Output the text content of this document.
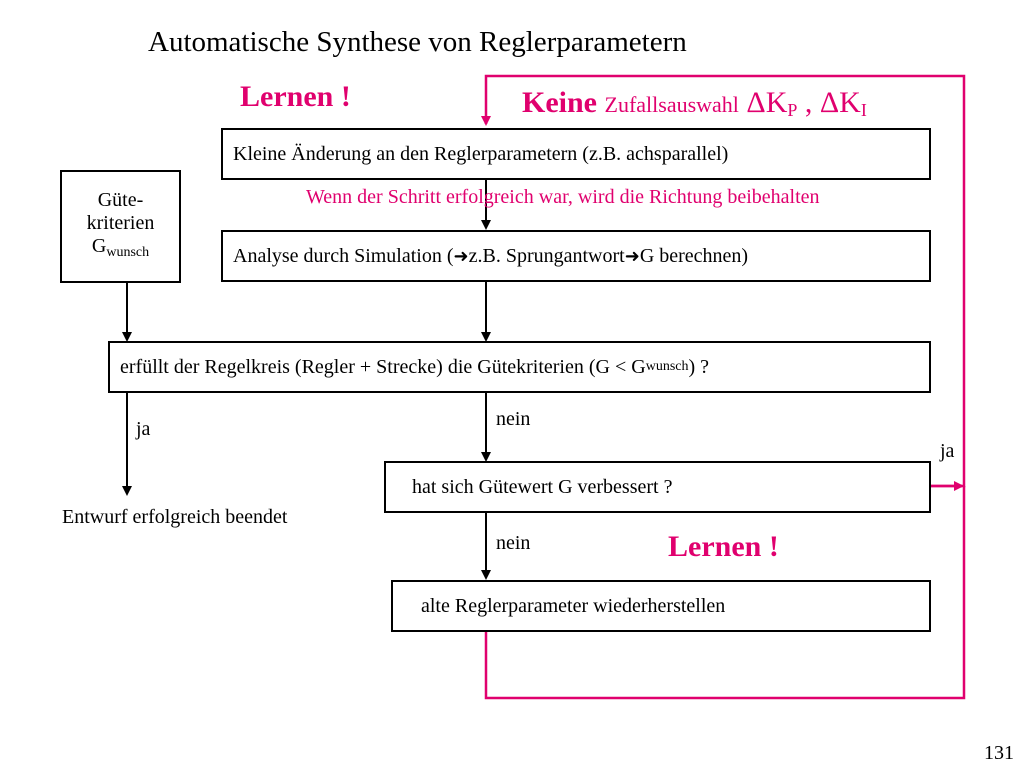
Automatische Synthese von Reglerparametern
Lernen !	Keine Zufallsauswahl $\Delta K_P$ , $\Delta K_I$
Kleine Änderung an den Reglerparametern (z.B. achsparallel)
Wenn der Schritt erfolgreich war, wird die Richtung beibehalten
Güte-
kriterien
$G_{wunsch}$	Analyse durch Simulation ( ➜ z.B. Sprungantwort ➜ G berechnen)
erfüllt der Regelkreis (Regler + Strecke) die Gütekriterien (G < G wunsch ) ?
ja	nein
ja
hat sich Gütewert G verbessert ?
Entwurf erfolgreich beendet
nein	Lernen !
alte Reglerparameter wiederherstellen
131
